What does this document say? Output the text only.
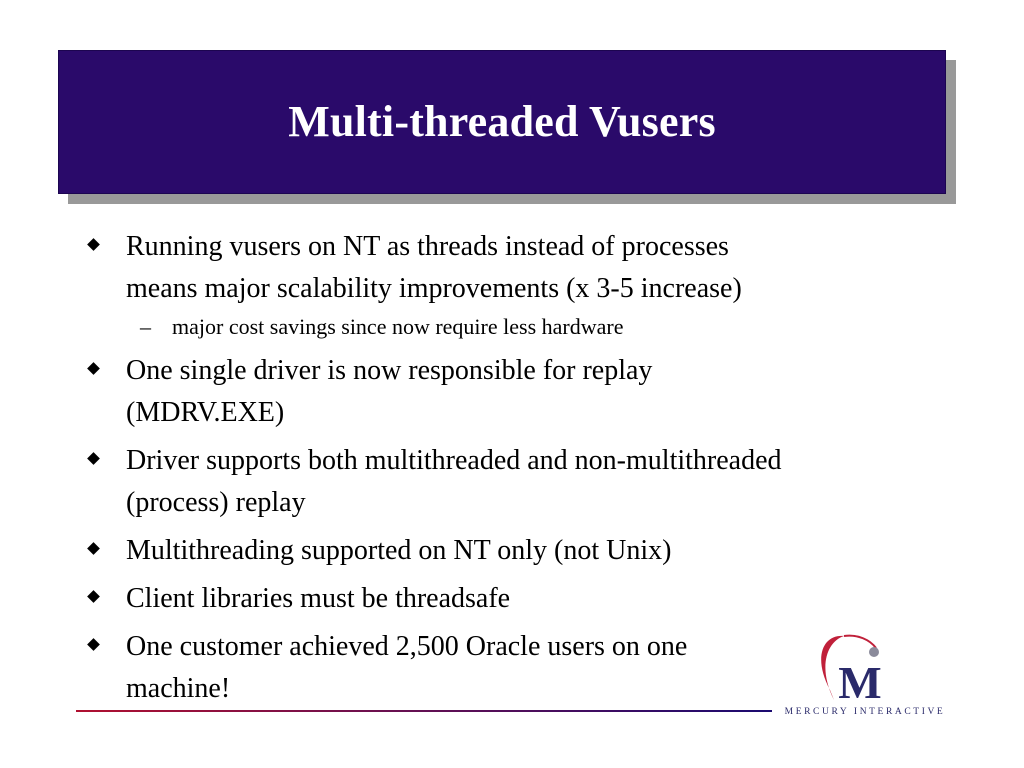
Multi-threaded Vusers
Running vusers on NT as threads instead of processes
means major scalability improvements (x 3-5 increase)
– major cost savings since now require less hardware
One single driver is now responsible for replay
(MDRV.EXE)
Driver supports both multithreaded and non-multithreaded
(process) replay
Multithreading supported on NT only (not Unix)
Client libraries must be threadsafe
One customer achieved 2,500 Oracle users on one
machine!	M
MERCURY INTERACTIVE
